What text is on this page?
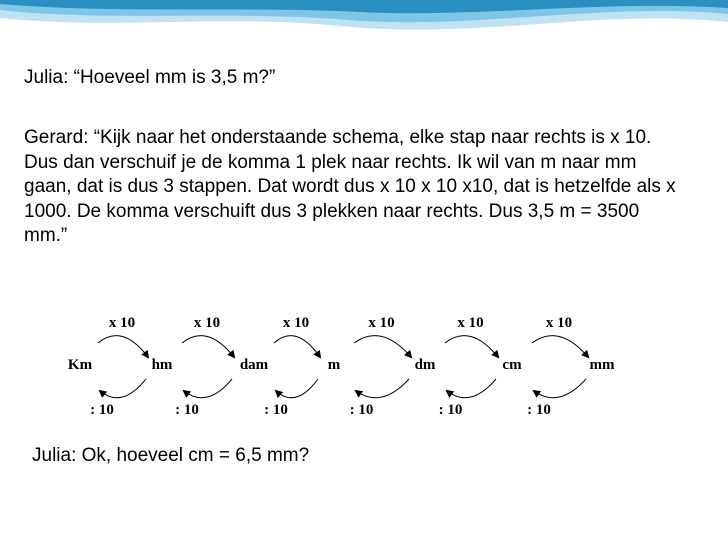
Julia: “Hoeveel mm is 3,5 m?”

Gerard: “Kijk naar het onderstaande schema, elke stap naar rechts is x 10. Dus dan verschuif je de komma 1 plek naar rechts. Ik wil van m naar mm gaan, dat is dus 3 stappen. Dat wordt dus x 10 x 10 x10, dat is hetzelfde als x 1000. De komma verschuift dus 3 plekken naar rechts. Dus 3,5 m = 3500 mm.”

Km	hm	dam	m	dm	cm	mm
x 10
: 10
x 10
: 10
x 10
: 10
x 10
: 10
x 10
: 10
x 10
: 10

Julia: Ok, hoeveel cm = 6,5 mm?
